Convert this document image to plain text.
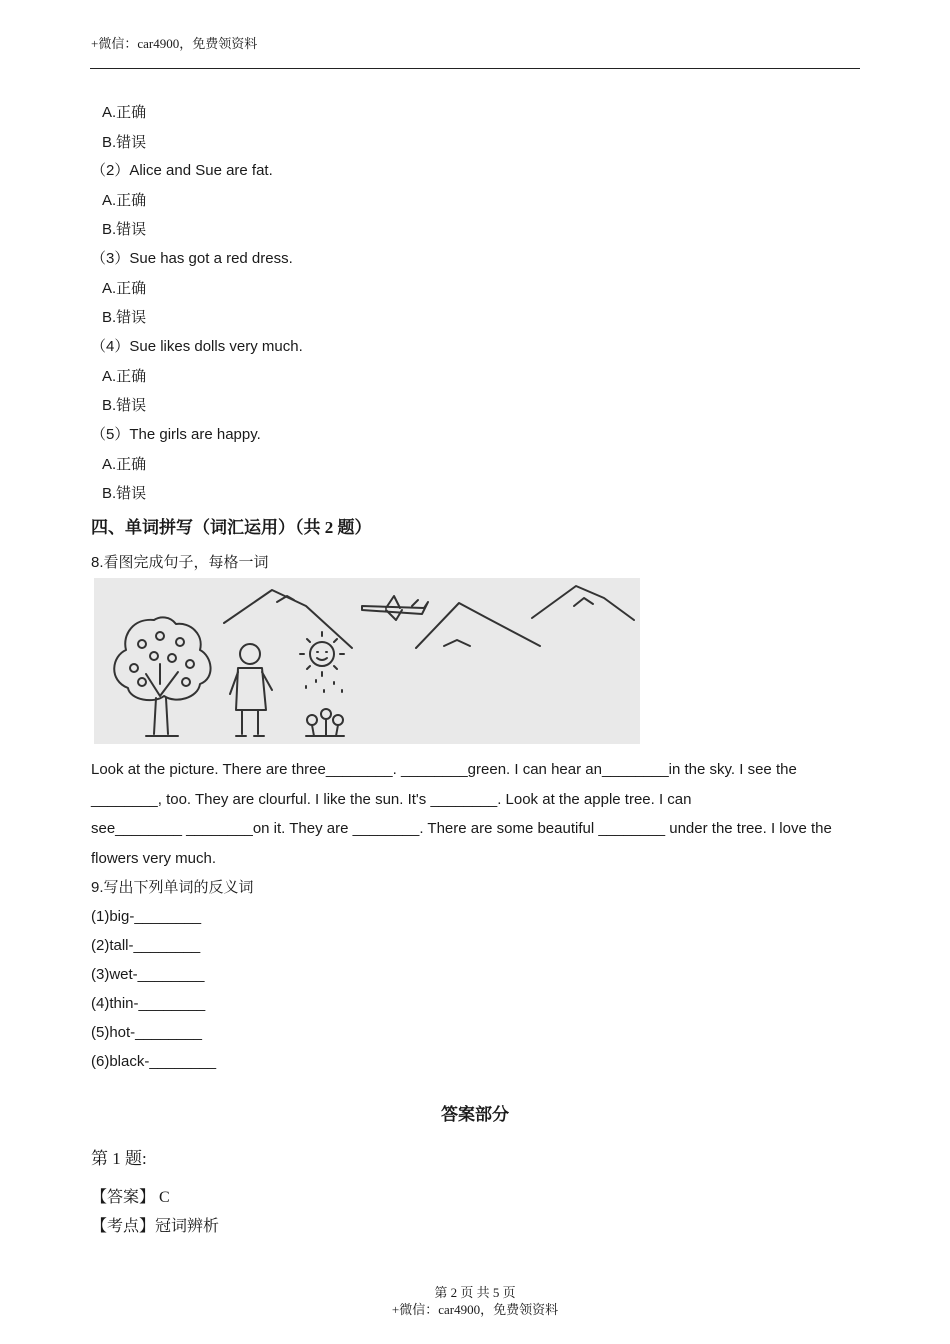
+微信：car4900，免费领资料
A.正确
B.错误
（2）Alice and Sue are fat.
A.正确
B.错误
（3）Sue has got a red dress.
A.正确
B.错误
（4）Sue likes dolls very much.
A.正确
B.错误
（5）The girls are happy.
A.正确
B.错误
四、单词拼写（词汇运用）（共 2 题）
8.看图完成句子，每格一词
Look at the picture. There are three________. ________green. I can hear an________in the sky. I see the
________, too. They are clourful. I like the sun. It's ________. Look at the apple tree. I can
see________ ________on it. They are ________. There are some beautiful ________ under the tree. I love the
flowers very much.
9.写出下列单词的反义词
(1)big-________
(2)tall-________
(3)wet-________
(4)thin-________
(5)hot-________
(6)black-________
答案部分
第 1 题:
【答案】 C
【考点】冠词辨析
第 2 页 共 5 页
+微信：car4900，免费领资料
